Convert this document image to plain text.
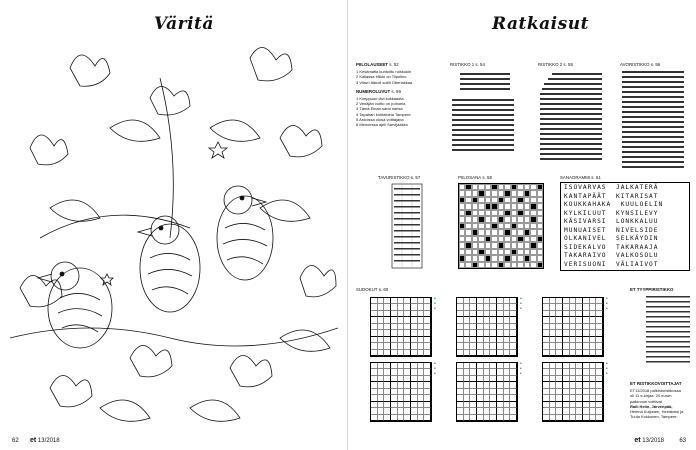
Väritä
62 et 13/2018
Ratkaisut
PIILOLAUSEET s. 52
1 Kesämafia kuntoiltu ruiskukin
2 Kaliassa Hilkki on Tiipolino
3 Viiruri äänoli soitti Oberlakkaa
NUMEROLUVUT s. 59
1 Kimppuun lävi kukkaasta
2 Venäjän voitto on poboeia
3 Tämä Einari sarai narisa
4 Tapahan kohtaloina Tampere
5 Ardoissa olosa voittajana
6 Menoessa ajeli Sarvijaakko
RISTIKKO 1 s. 54	RISTIKKO 2 s. 55	AVORISTIKKO s. 56
TAVURISTIKKO s. 57	PIILOSANA s. 58	SANAGRAMMI s. 61
ISOVARVAS  JALKATERÄ
KANTAPÄÄT  KITARISAT
KOUKKAHAKA  KUULOELIN
KYLKILUUT  KYNSILEVY
KÄSIVARSI  LONKKALUU
MUNUAISET  NIVELSIDE
OLKANIVEL  SELKÄYDIN
SIDEKALVO  TAKARAAJA
TAKARAIVO  VALKOSOLU
VERISUONI  VÄLIAIVOT
SUDOKUT s. 60	ET TYYPPIRISTIKKO
ET RISTIKKOVOITTAJAT
ET11/2018 palkintoristikossa
oli 11 e-kirjaa. 20 euron
palkinnon voittivat
Raili Helin, Järvenpää,
Helena Kuljunen, Heinävesi ja
Tuula Kokkonen, Tampere.
et 13/2018	63
•
•
•
•
•
•
•
•
•
•
•
•
•
•
•
•
•
•
